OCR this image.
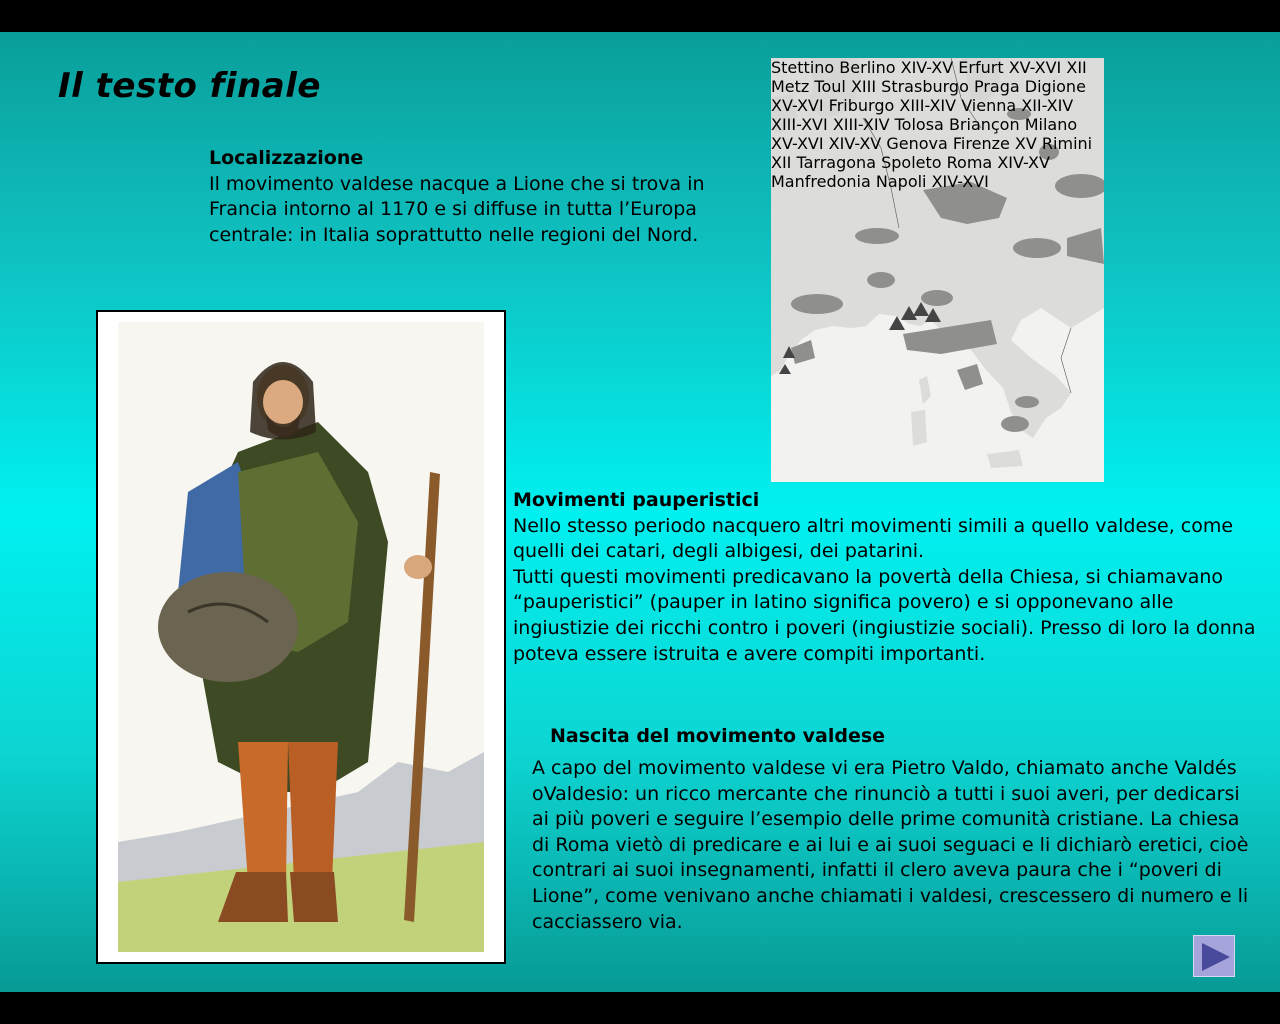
Il testo finale
Localizzazione

Il movimento valdese nacque a Lione che si trova in Francia intorno al 1170 e si diffuse in tutta l’Europa centrale: in Italia soprattutto nelle regioni del Nord.

Movimenti pauperistici

Nello stesso periodo nacquero altri movimenti simili a quello valdese, come quelli dei catari, degli albigesi, dei patarini.

Tutti questi movimenti predicavano la povertà della Chiesa, si chiamavano “pauperistici” (pauper in latino significa povero) e si opponevano alle ingiustizie dei ricchi contro i poveri (ingiustizie sociali). Presso di loro la donna poteva essere istruita e avere compiti importanti.

Nascita del movimento valdese

A capo del movimento valdese vi era Pietro Valdo, chiamato anche Valdés oValdesio: un ricco mercante che rinunciò a tutti i suoi averi, per dedicarsi ai più poveri e seguire l’esempio delle prime comunità cristiane. La chiesa di Roma vietò di predicare e ai lui e ai suoi seguaci e li dichiarò eretici, cioè contrari ai suoi insegnamenti, infatti il clero aveva paura che i “poveri di Lione”, come venivano anche chiamati i valdesi, crescessero di numero e li cacciassero via.

Stettino Berlino XIV-XV Erfurt XV-XVI XII Metz Toul XIII Strasburgo Praga Digione XV-XVI Friburgo XIII-XIV Vienna XII-XIV XIII-XVI XIII-XIV Tolosa Briançon Milano XV-XVI XIV-XV Genova Firenze XV Rimini XII Tarragona Spoleto Roma XIV-XV Manfredonia Napoli XIV-XVI
